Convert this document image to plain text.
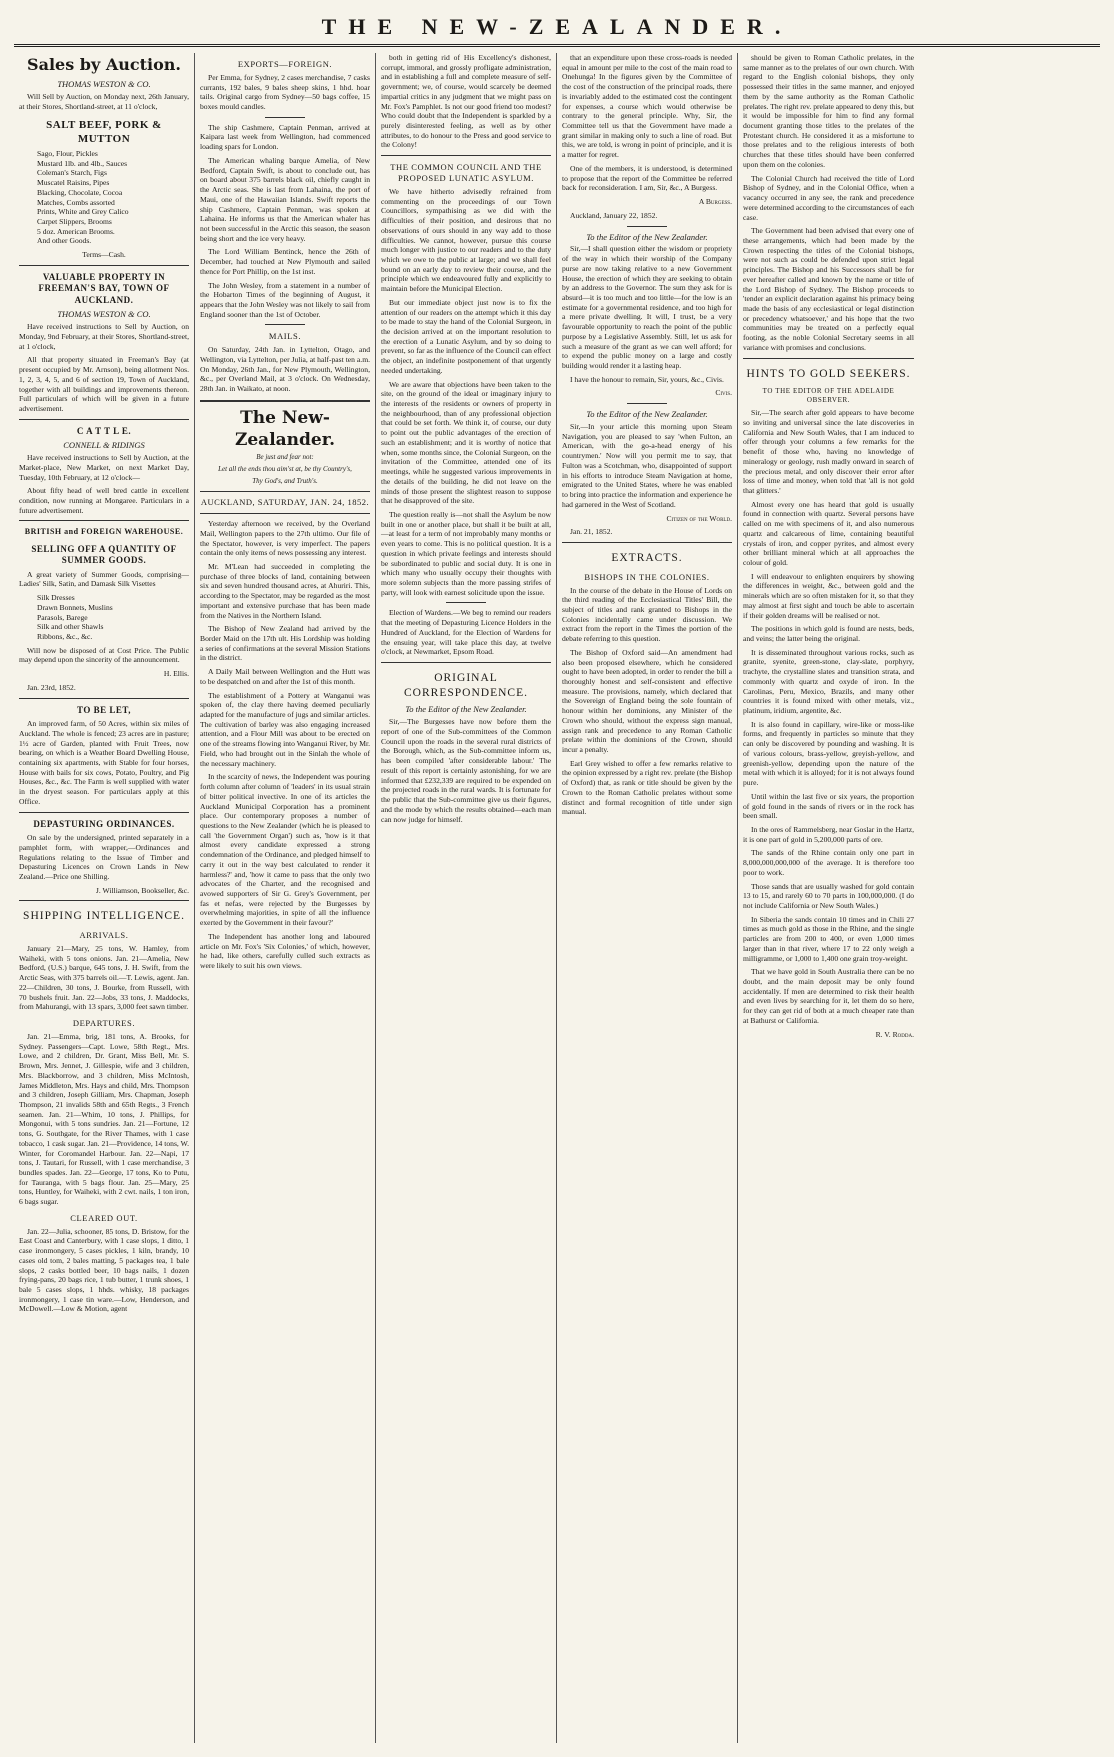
THE NEW-ZEALANDER.
Sales by Auction.
THOMAS WESTON & CO.

Will Sell by Auction, on Monday next, 26th January, at their Stores, Shortland-street, at 11 o'clock,

SALT BEEF, PORK & MUTTON
Sago, Flour, Pickles
Mustard 1lb. and 4lb., Sauces
Coleman's Starch, Figs
Muscatel Raisins, Pipes
Blacking, Chocolate, Cocoa
Matches, Combs assorted
Prints, White and Grey Calico
Carpet Slippers, Brooms
5 doz. American Brooms.
And other Goods.
Terms—Cash.
VALUABLE PROPERTY IN FREEMAN'S BAY, TOWN OF AUCKLAND.
THOMAS WESTON & CO.

Have received instructions to Sell by Auction, on Monday, 9nd February, at their Stores, Shortland-street, at 1 o'clock,

All that property situated in Freeman's Bay (at present occupied by Mr. Arnson), being allotment Nos. 1, 2, 3, 4, 5, and 6 of section 19, Town of Auckland, together with all buildings and improvements thereon. Full particulars of which will be given in a future advertisement.

C A T T L E.
CONNELL & RIDINGS

Have received instructions to Sell by Auction, at the Market-place, New Market, on next Market Day, Tuesday, 10th February, at 12 o'clock—

About fifty head of well bred cattle in excellent condition, now running at Mongaree. Particulars in a future advertisement.

BRITISH and FOREIGN WAREHOUSE.
SELLING OFF A QUANTITY OF SUMMER GOODS.

A great variety of Summer Goods, comprising—Ladies' Silk, Satin, and Damask Silk Visettes

Silk Dresses
Drawn Bonnets, Muslins
Parasols, Barege
Silk and other Shawls
Ribbons, &c., &c.

Will now be disposed of at Cost Price. The Public may depend upon the sincerity of the announcement.

H. Ellis.

Jan. 23rd, 1852.

TO BE LET,

An improved farm, of 50 Acres, within six miles of Auckland. The whole is fenced; 23 acres are in pasture; 1½ acre of Garden, planted with Fruit Trees, now bearing, on which is a Weather Board Dwelling House, containing six apartments, with Stable for four horses, House with bails for six cows, Potato, Poultry, and Pig Houses, &c., &c. The Farm is well supplied with water in the dryest season. For particulars apply at this Office.

DEPASTURING ORDINANCES.

On sale by the undersigned, printed separately in a pamphlet form, with wrapper,—Ordinances and Regulations relating to the Issue of Timber and Depasturing Licences on Crown Lands in New Zealand.—Price one Shilling.

J. Williamson, Bookseller, &c.

SHIPPING INTELLIGENCE.
ARRIVALS.

January 21—Mary, 25 tons, W. Hamley, from Waiheki, with 5 tons onions. Jan. 21—Amelia, New Bedford, (U.S.) barque, 645 tons, J. H. Swift, from the Arctic Seas, with 375 barrels oil.—T. Lewis, agent. Jan. 22—Children, 30 tons, J. Bourke, from Russell, with 70 bushels fruit. Jan. 22—Jobs, 33 tons, J. Maddocks, from Mahurangi, with 13 spars, 3,000 feet sawn timber.

DEPARTURES.

Jan. 21—Emma, brig, 181 tons, A. Brooks, for Sydney. Passengers—Capt. Lowe, 58th Regt., Mrs. Lowe, and 2 children, Dr. Grant, Miss Bell, Mr. S. Brown, Mrs. Jennet, J. Gillespie, wife and 3 children, Mrs. Blackborrow, and 3 children, Miss McIntosh, James Middleton, Mrs. Hays and child, Mrs. Thompson and 3 children, Joseph Gilliam, Mrs. Chapman, Joseph Thompson, 21 invalids 58th and 65th Regts., 3 French seamen. Jan. 21—Whim, 10 tons, J. Phillips, for Mongonui, with 5 tons sundries. Jan. 21—Fortune, 12 tons, G. Southgate, for the River Thames, with 1 case tobacco, 1 cask sugar. Jan. 21—Providence, 14 tons, W. Winter, for Coromandel Harbour. Jan. 22—Napi, 17 tons, J. Tautari, for Russell, with 1 case merchandise, 3 bundles spades. Jan. 22—George, 17 tons, Ko to Putu, for Tauranga, with 5 bags flour. Jan. 25—Mary, 25 tons, Huntley, for Waiheki, with 2 cwt. nails, 1 ton iron, 6 bags sugar.

CLEARED OUT.

Jan. 22—Julia, schooner, 85 tons, D. Bristow, for the East Coast and Canterbury, with 1 case slops, 1 ditto, 1 case ironmongery, 5 cases pickles, 1 kiln, brandy, 10 cases old tom, 2 bales matting, 5 packages tea, 1 bale slops, 2 casks bottled beer, 10 bags nails, 1 dozen frying-pans, 20 bags rice, 1 tub butter, 1 trunk shoes, 1 bale 5 cases slops, 1 hhds. whisky, 18 packages ironmongery, 1 case tin ware.—Low, Henderson, and McDowell.—Low & Motion, agent

EXPORTS—FOREIGN.

Per Emma, for Sydney, 2 cases merchandise, 7 casks currants, 192 bales, 9 bales sheep skins, 1 hhd. hoar tails. Original cargo from Sydney—50 bags coffee, 15 boxes mould candles.

The ship Cashmere, Captain Penman, arrived at Kaipara last week from Wellington, had commenced loading spars for London.

The American whaling barque Amelia, of New Bedford, Captain Swift, is about to conclude out, has on board about 375 barrels black oil, chiefly caught in the Arctic seas. She is last from Lahaina, the port of Maui, one of the Hawaiian Islands. Swift reports the ship Cashmere, Captain Penman, was spoken at Lahaina. He informs us that the American whaler has not been successful in the Arctic this season, the season being short and the ice very heavy.

The Lord William Bentinck, hence the 26th of December, had touched at New Plymouth and sailed thence for Port Phillip, on the 1st inst.

The John Wesley, from a statement in a number of the Hobarton Times of the beginning of August, it appears that the John Wesley was not likely to sail from England sooner than the 1st of October.

MAILS.

On Saturday, 24th Jan. in Lyttelton, Otago, and Wellington, via Lyttelton, per Julia, at half-past ten a.m. On Monday, 26th Jan., for New Plymouth, Wellington, &c., per Overland Mail, at 3 o'clock. On Wednesday, 28th Jan. in Waikato, at noon.

The New-Zealander.
Be just and fear not:
Let all the ends thou aim'st at, be thy Country's,
Thy God's, and Truth's.
AUCKLAND, SATURDAY, JAN. 24, 1852.

Yesterday afternoon we received, by the Overland Mail, Wellington papers to the 27th ultimo. Our file of the Spectator, however, is very imperfect. The papers contain the only items of news possessing any interest.

Mr. M'Lean had succeeded in completing the purchase of three blocks of land, containing between six and seven hundred thousand acres, at Ahuriri. This, according to the Spectator, may be regarded as the most important and extensive purchase that has been made from the Natives in the Northern Island.

The Bishop of New Zealand had arrived by the Border Maid on the 17th ult. His Lordship was holding a series of confirmations at the several Mission Stations in the district.

A Daily Mail between Wellington and the Hutt was to be despatched on and after the 1st of this month.

The establishment of a Pottery at Wanganui was spoken of, the clay there having deemed peculiarly adapted for the manufacture of jugs and similar articles. The cultivation of barley was also engaging increased attention, and a Flour Mill was about to be erected on one of the streams flowing into Wanganui River, by Mr. Field, who had brought out in the Sinlah the whole of the necessary machinery.

In the scarcity of news, the Independent was pouring forth column after column of 'leaders' in its usual strain of bitter political invective. In one of its articles the Auckland Municipal Corporation has a prominent place. Our contemporary proposes a number of questions to the New Zealander (which he is pleased to call 'the Government Organ') such as, 'how is it that almost every candidate expressed a strong condemnation of the Ordinance, and pledged himself to carry it out in the way best calculated to render it harmless?' and, 'how it came to pass that the only two advocates of the Charter, and the recognised and avowed supporters of Sir G. Grey's Government, per fas et nefas, were rejected by the Burgesses by overwhelming majorities, in spite of all the influence exerted by the Government in their favour?'

The Independent has another long and laboured article on Mr. Fox's 'Six Colonies,' of which, however, he had, like others, carefully culled such extracts as were likely to suit his own views.

both in getting rid of His Excellency's dishonest, corrupt, immoral, and grossly profligate administration, and in establishing a full and complete measure of self-government; we, of course, would scarcely be deemed impartial critics in any judgment that we might pass on Mr. Fox's Pamphlet. Is not our good friend too modest? Who could doubt that the Independent is sparkled by a purely disinterested feeling, as well as by other attributes, to do honour to the Press and good service to the Colony!

THE COMMON COUNCIL AND THE PROPOSED LUNATIC ASYLUM.

We have hitherto advisedly refrained from commenting on the proceedings of our Town Councillors, sympathising as we did with the difficulties of their position, and desirous that no observations of ours should in any way add to those difficulties. We cannot, however, pursue this course much longer with justice to our readers and to the duty which we owe to the public at large; and we shall feel bound on an early day to review their course, and the principle which we endeavoured fully and explicitly to maintain before the Municipal Election.

But our immediate object just now is to fix the attention of our readers on the attempt which it this day to be made to stay the hand of the Colonial Surgeon, in the decision arrived at on the important resolution to the erection of a Lunatic Asylum, and by so doing to prevent, so far as the influence of the Council can effect the object, an indefinite postponement of that urgently needed undertaking.

We are aware that objections have been taken to the site, on the ground of the ideal or imaginary injury to the interests of the residents or owners of property in the neighbourhood, than of any professional objection that could be set forth. We think it, of course, our duty to point out the public advantages of the erection of such an establishment; and it is worthy of notice that when, some months since, the Colonial Surgeon, on the invitation of the Committee, attended one of its meetings, while he suggested various improvements in the details of the building, he did not leave on the minds of those present the slightest reason to suppose that he disapproved of the site.

The question really is—not shall the Asylum be now built in one or another place, but shall it be built at all,—at least for a term of not improbably many months or even years to come. This is no political question. It is a question in which private feelings and interests should be subordinated to public and social duty. It is one in which many who usually occupy their thoughts with more solemn subjects than the more passing strifes of party, will look with earnest solicitude upon the issue.

Election of Wardens.—We beg to remind our readers that the meeting of Depasturing Licence Holders in the Hundred of Auckland, for the Election of Wardens for the ensuing year, will take place this day, at twelve o'clock, at Newmarket, Epsom Road.

ORIGINAL CORRESPONDENCE.
To the Editor of the New Zealander.

Sir,—The Burgesses have now before them the report of one of the Sub-committees of the Common Council upon the roads in the several rural districts of the Borough, which, as the Sub-committee inform us, has been compiled 'after considerable labour.' The result of this report is certainly astonishing, for we are informed that £232,339 are required to be expended on the projected roads in the rural wards. It is fortunate for the public that the Sub-committee give us their figures, and the mode by which the results obtained—each man can now judge for himself.

that an expenditure upon these cross-roads is needed equal in amount per mile to the cost of the main road to Onehunga! In the figures given by the Committee of the cost of the construction of the principal roads, there is invariably added to the estimated cost the contingent for expenses, a course which would otherwise be contrary to the general principle. Why, Sir, the Committee tell us that the Government have made a grant similar in making only to such a line of road. But this, we are told, is wrong in point of principle, and it is a matter for regret.

One of the members, it is understood, is determined to propose that the report of the Committee be referred back for reconsideration. I am, Sir, &c., A Burgess.

A Burgess.

Auckland, January 22, 1852.

To the Editor of the New Zealander.

Sir,—I shall question either the wisdom or propriety of the way in which their worship of the Company purse are now taking relative to a new Government House, the erection of which they are seeking to obtain by an address to the Governor. The sum they ask for is absurd—it is too much and too little—for the low is an estimate for a governmental residence, and too high for a mere private dwelling. It will, I trust, be a very favourable opportunity to reach the point of the public purpose by a Legislative Assembly. Still, let us ask for such a measure of the grant as we can well afford; for to expend the public money on a large and costly building would render it a lasting heap.

I have the honour to remain, Sir, yours, &c., Civis.

Civis.

To the Editor of the New Zealander.

Sir,—In your article this morning upon Steam Navigation, you are pleased to say 'when Fulton, an American, with the go-a-head energy of his countrymen.' Now will you permit me to say, that Fulton was a Scotchman, who, disappointed of support in his efforts to introduce Steam Navigation at home, emigrated to the United States, where he was enabled to bring into practice the information and experience he had garnered in the West of Scotland.

Citizen of the World.

Jan. 21, 1852.

EXTRACTS.
BISHOPS IN THE COLONIES.

In the course of the debate in the House of Lords on the third reading of the Ecclesiastical Titles' Bill, the subject of titles and rank granted to Bishops in the Colonies incidentally came under discussion. We extract from the report in the Times the portion of the debate referring to this question.

The Bishop of Oxford said—An amendment had also been proposed elsewhere, which he considered ought to have been adopted, in order to render the bill a thoroughly honest and self-consistent and effective measure. The provisions, namely, which declared that the Sovereign of England being the sole fountain of honour within her dominions, any Minister of the Crown who should, without the express sign manual, assign rank and precedence to any Roman Catholic prelate within the dominions of the Crown, should incur a penalty.

Earl Grey wished to offer a few remarks relative to the opinion expressed by a right rev. prelate (the Bishop of Oxford) that, as rank or title should be given by the Crown to the Roman Catholic prelates without some distinct and formal recognition of title under sign manual.

should be given to Roman Catholic prelates, in the same manner as to the prelates of our own church. With regard to the English colonial bishops, they only possessed their titles in the same manner, and enjoyed them by the same authority as the Roman Catholic prelates. The right rev. prelate appeared to deny this, but it would be impossible for him to find any formal document granting those titles to the prelates of the Protestant church. He considered it as a misfortune to those prelates and to the religious interests of both churches that these titles should have been conferred upon them on the colonies.

The Colonial Church had received the title of Lord Bishop of Sydney, and in the Colonial Office, when a vacancy occurred in any see, the rank and precedence were determined according to the circumstances of each case.

The Government had been advised that every one of these arrangements, which had been made by the Crown respecting the titles of the Colonial bishops, were not such as could be defended upon strict legal principles. The Bishop and his Successors shall be for ever hereafter called and known by the name or title of the Lord Bishop of Sydney. The Bishop proceeds to 'tender an explicit declaration against his primacy being made the basis of any ecclesiastical or legal distinction or precedency whatsoever,' and his hope that the two communities may be treated on a perfectly equal footing, as the noble Colonial Secretary seems in all variance with promises and conclusions.

HINTS TO GOLD SEEKERS.
TO THE EDITOR OF THE ADELAIDE OBSERVER.

Sir,—The search after gold appears to have become so inviting and universal since the late discoveries in California and New South Wales, that I am induced to offer through your columns a few remarks for the benefit of those who, having no knowledge of mineralogy or geology, rush madly onward in search of the precious metal, and only discover their error after loss of time and money, when told that 'all is not gold that glitters.'

Almost every one has heard that gold is usually found in connection with quartz. Several persons have called on me with specimens of it, and also numerous quartz and calcareous of lime, containing beautiful crystals of iron, and copper pyrites, and almost every other brilliant mineral which at all approaches the colour of gold.

I will endeavour to enlighten enquirers by showing the differences in weight, &c., between gold and the minerals which are so often mistaken for it, so that they may almost at first sight and touch be able to ascertain if their golden dreams will be realised or not.

The positions in which gold is found are nests, beds, and veins; the latter being the original.

It is disseminated throughout various rocks, such as granite, syenite, green-stone, clay-slate, porphyry, trachyte, the crystalline slates and transition strata, and commonly with quartz and oxyde of iron. In the Carolinas, Peru, Mexico, Brazils, and many other countries it is found mixed with other metals, viz., platinum, iridium, argentite, &c.

It is also found in capillary, wire-like or moss-like forms, and frequently in particles so minute that they can only be discovered by pounding and washing. It is of various colours, brass-yellow, greyish-yellow, and greenish-yellow, depending upon the nature of the metal with which it is alloyed; for it is not always found pure.

Until within the last five or six years, the proportion of gold found in the sands of rivers or in the rock has been small.

In the ores of Rammelsberg, near Goslar in the Hartz, it is one part of gold in 5,200,000 parts of ore.

The sands of the Rhine contain only one part in 8,000,000,000,000 of the average. It is therefore too poor to work.

Those sands that are usually washed for gold contain 13 to 15, and rarely 60 to 70 parts in 100,000,000. (I do not include California or New South Wales.)

In Siberia the sands contain 10 times and in Chili 27 times as much gold as those in the Rhine, and the single particles are from 200 to 400, or even 1,000 times larger than in that river, where 17 to 22 only weigh a milligramme, or 1,000 to 1,400 one grain troy-weight.

That we have gold in South Australia there can be no doubt, and the main deposit may be only found accidentally. If men are determined to risk their health and even lives by searching for it, let them do so here, for they can get rid of both at a much cheaper rate than at Bathurst or California.

R. V. Rodda.
